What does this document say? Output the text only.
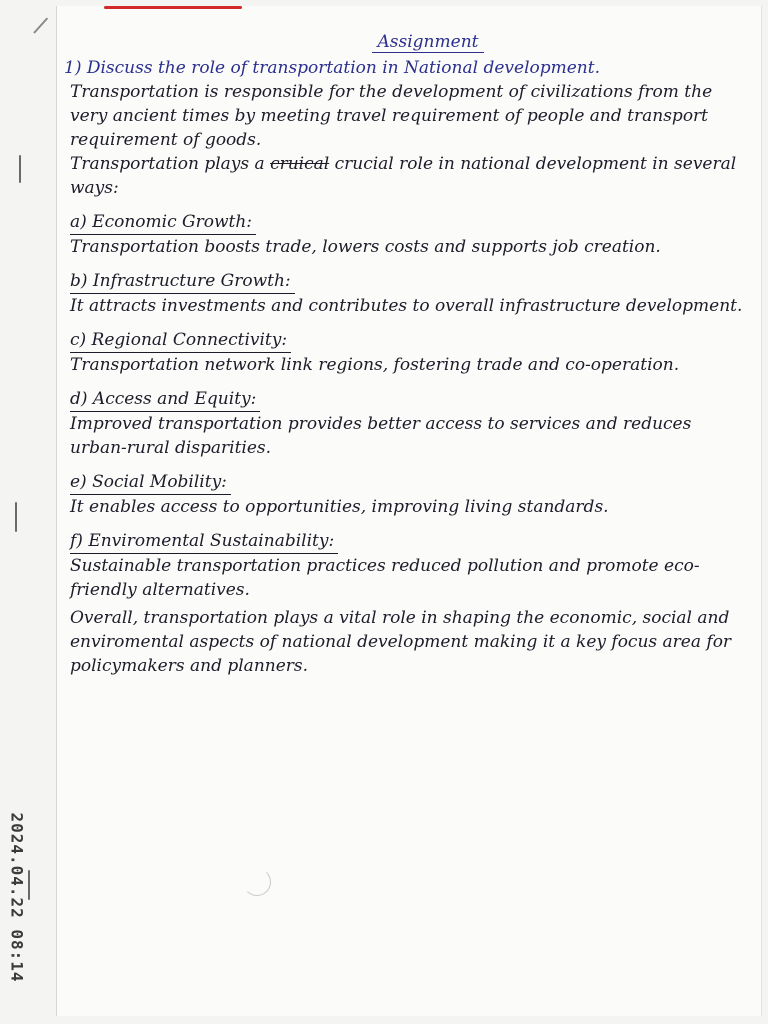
2024.04.22 08:14
Assignment

1) Discuss the role of transportation in National development.

Transportation is responsible for the development of civilizations from the very ancient times by meeting travel requirement of people and transport requirement of goods.

Transportation plays a cruical crucial role in national development in several ways:

a) Economic Growth:

Transportation boosts trade, lowers costs and supports job creation.

b) Infrastructure Growth:

It attracts investments and contributes to overall infrastructure development.

c) Regional Connectivity:

Transportation network link regions, fostering trade and co-operation.

d) Access and Equity:

Improved transportation provides better access to services and reduces urban-rural disparities.

e) Social Mobility:

It enables access to opportunities, improving living standards.

f) Enviromental Sustainability:

Sustainable transportation practices reduced pollution and promote eco-friendly alternatives.

Overall, transportation plays a vital role in shaping the economic, social and enviromental aspects of national development making it a key focus area for policymakers and planners.
